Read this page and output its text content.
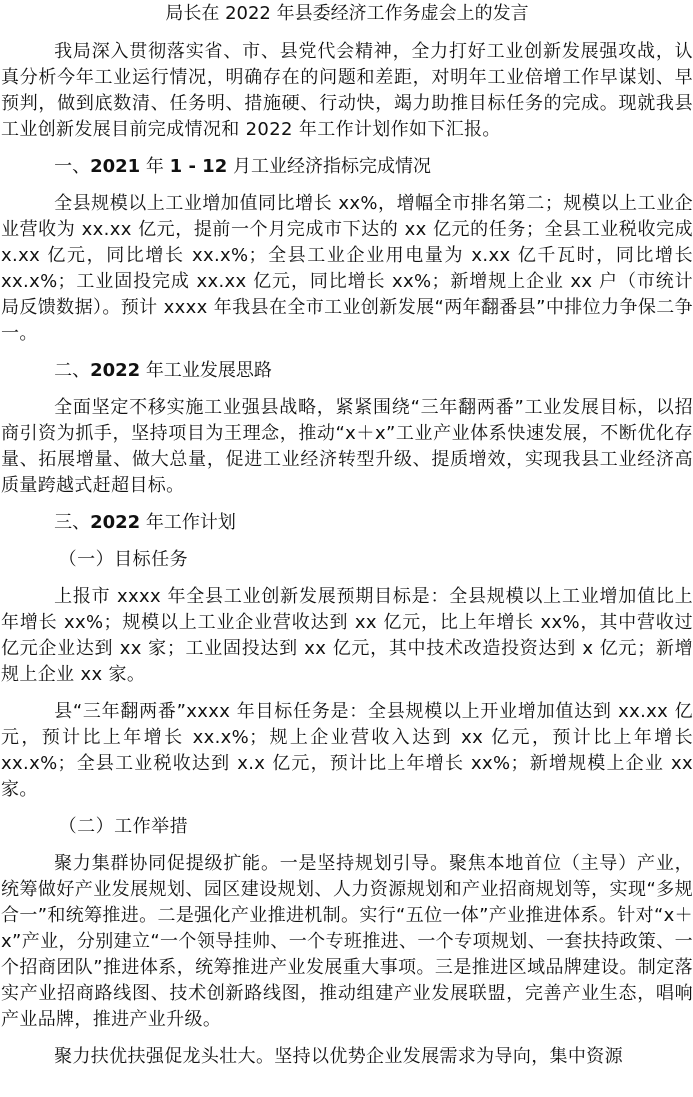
局长在 2022 年县委经济工作务虚会上的发言

我局深入贯彻落实省、市、县党代会精神，全力打好工业创新发展强攻战，认真分析今年工业运行情况，明确存在的问题和差距，对明年工业倍增工作早谋划、早预判，做到底数清、任务明、措施硬、行动快，竭力助推目标任务的完成。现就我县工业创新发展目前完成情况和 2022 年工作计划作如下汇报。

一、2021 年 1 - 12 月工业经济指标完成情况

全县规模以上工业增加值同比增长 xx%，增幅全市排名第二；规模以上工业企业营收为 xx.xx 亿元，提前一个月完成市下达的 xx 亿元的任务；全县工业税收完成 x.xx 亿元，同比增长 xx.x%；全县工业企业用电量为 x.xx 亿千瓦时，同比增长 xx.x%；工业固投完成 xx.xx 亿元，同比增长 xx%；新增规上企业 xx 户（市统计局反馈数据）。预计 xxxx 年我县在全市工业创新发展“两年翻番县”中排位力争保二争一。

二、2022 年工业发展思路

全面坚定不移实施工业强县战略，紧紧围绕“三年翻两番”工业发展目标，以招商引资为抓手，坚持项目为王理念，推动“x＋x”工业产业体系快速发展，不断优化存量、拓展增量、做大总量，促进工业经济转型升级、提质增效，实现我县工业经济高质量跨越式赶超目标。

三、2022 年工作计划

（一）目标任务

上报市 xxxx 年全县工业创新发展预期目标是：全县规模以上工业增加值比上年增长 xx%；规模以上工业企业营收达到 xx 亿元，比上年增长 xx%，其中营收过亿元企业达到 xx 家；工业固投达到 xx 亿元，其中技术改造投资达到 x 亿元；新增规上企业 xx 家。

县“三年翻两番”xxxx 年目标任务是：全县规模以上开业增加值达到 xx.xx 亿元，预计比上年增长 xx.x%；规上企业营收入达到 xx 亿元，预计比上年增长 xx.x%；全县工业税收达到 x.x 亿元，预计比上年增长 xx%；新增规模上企业 xx 家。

（二）工作举措

聚力集群协同促提级扩能。一是坚持规划引导。聚焦本地首位（主导）产业，统筹做好产业发展规划、园区建设规划、人力资源规划和产业招商规划等，实现“多规合一”和统筹推进。二是强化产业推进机制。实行“五位一体”产业推进体系。针对“x＋x”产业，分别建立“一个领导挂帅、一个专班推进、一个专项规划、一套扶持政策、一个招商团队”推进体系，统筹推进产业发展重大事项。三是推进区域品牌建设。制定落实产业招商路线图、技术创新路线图，推动组建产业发展联盟，完善产业生态，唱响产业品牌，推进产业升级。

聚力扶优扶强促龙头壮大。坚持以优势企业发展需求为导向，集中资源
